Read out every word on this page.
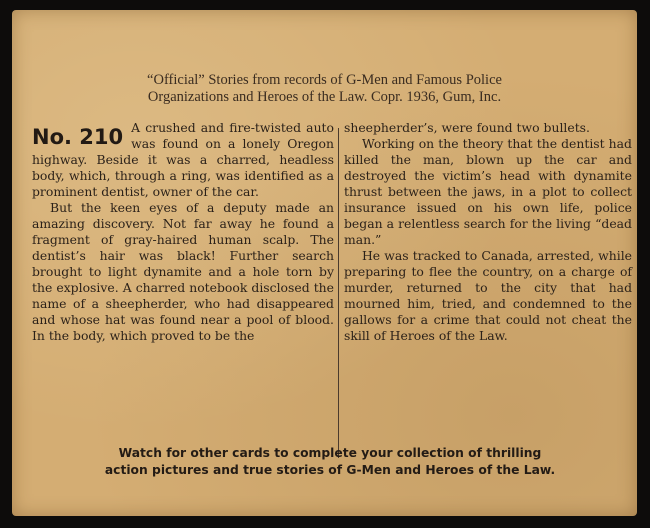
“Official” Stories from records of G-Men and Famous Police
Organizations and Heroes of the Law. Copr. 1936, Gum, Inc.
No. 210 A crushed and fire-twisted auto was found on a lonely Oregon highway. Beside it was a charred, headless body, which, through a ring, was identified as a prominent dentist, owner of the car.

But the keen eyes of a deputy made an amazing discovery. Not far away he found a fragment of gray-haired human scalp. The dentist’s hair was black! Further search brought to light dynamite and a hole torn by the explosive. A charred notebook disclosed the name of a sheepherder, who had disappeared and whose hat was found near a pool of blood. In the body, which proved to be the

sheepherder’s, were found two bullets.

Working on the theory that the dentist had killed the man, blown up the car and destroyed the victim’s head with dynamite thrust between the jaws, in a plot to collect insurance issued on his own life, police began a relentless search for the living “dead man.”

He was tracked to Canada, arrested, while preparing to flee the country, on a charge of murder, returned to the city that had mourned him, tried, and condemned to the gallows for a crime that could not cheat the skill of Heroes of the Law.

Watch for other cards to complete your collection of thrilling
action pictures and true stories of G-Men and Heroes of the Law.
